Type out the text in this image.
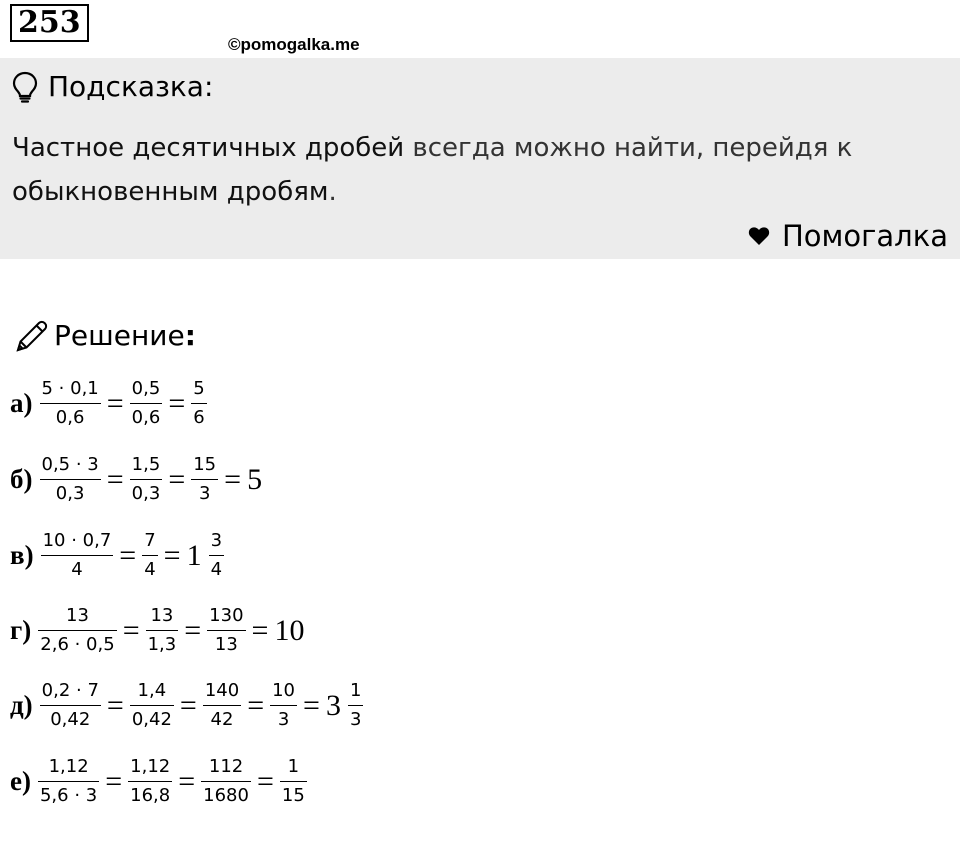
253
©pomogalka.me
Подсказка:
Частное десятичных дробей всегда можно найти, перейдя к
обыкновенным дробям.
Помогалка
Решение :
$а) \frac{5 \cdot 0,1}{0,6} = \frac{0,5}{0,6} = \frac{5}{6}$
$б) \frac{0,5 \cdot 3}{0,3} = \frac{1,5}{0,3} = \frac{15}{3} = 5$
$в) \frac{10 \cdot 0,7}{4} = \frac{7}{4} = 1 \frac{3}{4}$
$г) \frac{13}{2,6 \cdot 0,5} = \frac{13}{1,3} = \frac{130}{13} = 10$
$д) \frac{0,2 \cdot 7}{0,42} = \frac{1,4}{0,42} = \frac{140}{42} = \frac{10}{3} = 3 \frac{1}{3}$
$е) \frac{1,12}{5,6 \cdot 3} = \frac{1,12}{16,8} = \frac{112}{1680} = \frac{1}{15}$
